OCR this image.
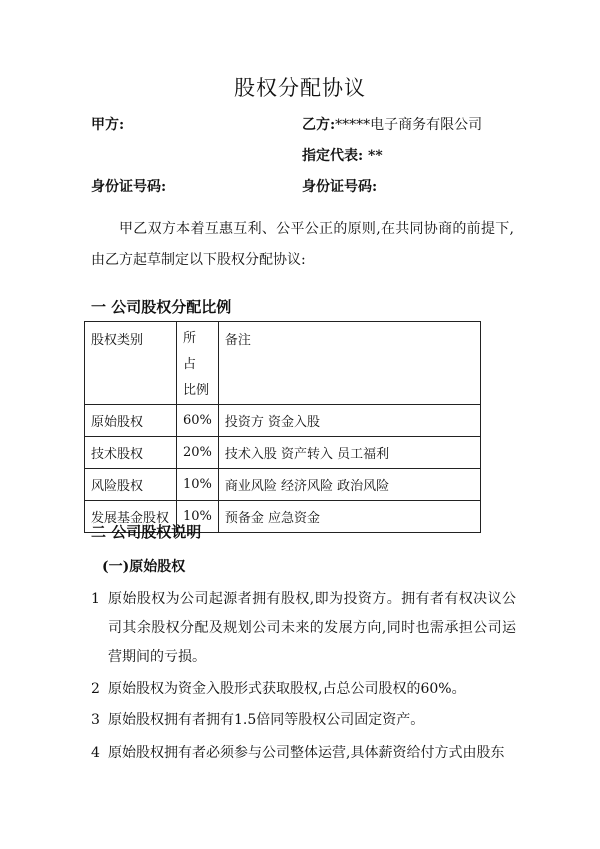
股权分配协议
甲方:	乙方:*****电子商务有限公司
指定代表: **
身份证号码:	身份证号码:
甲乙双方本着互惠互利、公平公正的原则,在共同协商的前提下,由乙方起草制定以下股权分配协议:
一 公司股权分配比例
股权类别	所 占 比例	备注
原始股权	60%	投资方 资金入股
技术股权	20%	技术入股 资产转入 员工福利
风险股权	10%	商业风险 经济风险 政治风险
发展基金股权	10%	预备金 应急资金
二 公司股权说明
(一)原始股权
1 原始股权为公司起源者拥有股权,即为投资方。拥有者有权决议公司其余股权分配及规划公司未来的发展方向,同时也需承担公司运营期间的亏损。
2 原始股权为资金入股形式获取股权,占总公司股权的60%。
3 原始股权拥有者拥有1.5倍同等股权公司固定资产。
4 原始股权拥有者必须参与公司整体运营,具体薪资给付方式由股东
